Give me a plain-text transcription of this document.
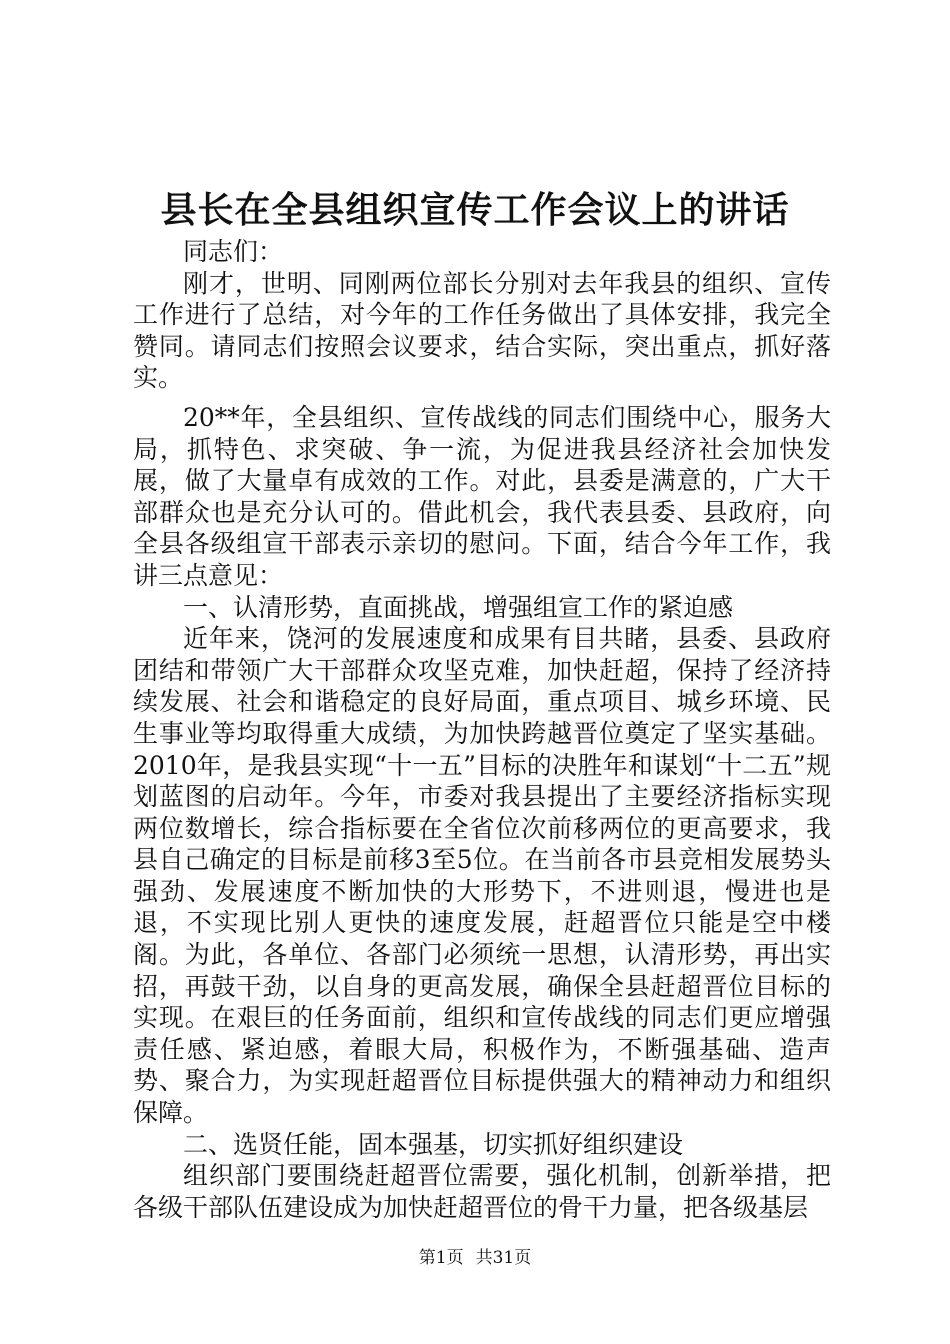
县长在全县组织宣传工作会议上的讲话

同志们：

刚才，世明、同刚两位部长分别对去年我县的组织、宣传工作进行了总结，对今年的工作任务做出了具体安排，我完全赞同。请同志们按照会议要求，结合实际，突出重点，抓好落实。

20**年，全县组织、宣传战线的同志们围绕中心，服务大局，抓特色、求突破、争一流，为促进我县经济社会加快发展，做了大量卓有成效的工作。对此，县委是满意的，广大干部群众也是充分认可的。借此机会，我代表县委、县政府，向全县各级组宣干部表示亲切的慰问。下面，结合今年工作，我讲三点意见：

一、认清形势，直面挑战，增强组宣工作的紧迫感

近年来，饶河的发展速度和成果有目共睹，县委、县政府团结和带领广大干部群众攻坚克难，加快赶超，保持了经济持续发展、社会和谐稳定的良好局面，重点项目、城乡环境、民生事业等均取得重大成绩，为加快跨越晋位奠定了坚实基础。2010年，是我县实现“十一五”目标的决胜年和谋划“十二五”规划蓝图的启动年。今年，市委对我县提出了主要经济指标实现两位数增长，综合指标要在全省位次前移两位的更高要求，我县自己确定的目标是前移3至5位。在当前各市县竞相发展势头强劲、发展速度不断加快的大形势下，不进则退，慢进也是退，不实现比别人更快的速度发展，赶超晋位只能是空中楼阁。为此，各单位、各部门必须统一思想，认清形势，再出实招，再鼓干劲，以自身的更高发展，确保全县赶超晋位目标的实现。在艰巨的任务面前，组织和宣传战线的同志们更应增强责任感、紧迫感，着眼大局，积极作为，不断强基础、造声势、聚合力，为实现赶超晋位目标提供强大的精神动力和组织保障。

二、选贤任能，固本强基，切实抓好组织建设

组织部门要围绕赶超晋位需要，强化机制，创新举措，把各级干部队伍建设成为加快赶超晋位的骨干力量，把各级基层

第1页 共31页
